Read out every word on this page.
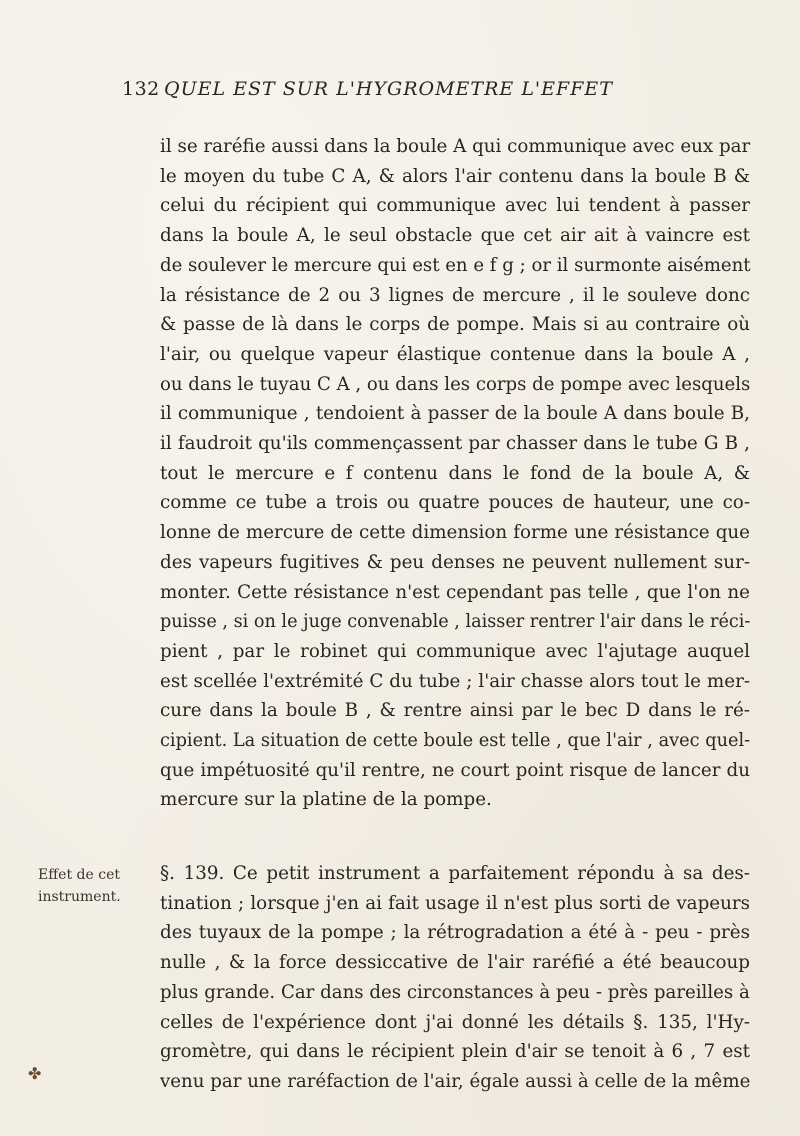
132 QUEL EST SUR L'HYGROMETRE L'EFFET
il se raréfie aussi dans la boule A qui communique avec eux par
le moyen du tube C A, & alors l'air contenu dans la boule B &
celui du récipient qui communique avec lui tendent à passer
dans la boule A, le seul obstacle que cet air ait à vaincre est
de soulever le mercure qui est en e f g ; or il surmonte aisément
la résistance de 2 ou 3 lignes de mercure , il le souleve donc
& passe de là dans le corps de pompe. Mais si au contraire où
l'air, ou quelque vapeur élastique contenue dans la boule A ,
ou dans le tuyau C A , ou dans les corps de pompe avec lesquels
il communique , tendoient à passer de la boule A dans boule B,
il faudroit qu'ils commençassent par chasser dans le tube G B ,
tout le mercure e f contenu dans le fond de la boule A, &
comme ce tube a trois ou quatre pouces de hauteur, une co-
lonne de mercure de cette dimension forme une résistance que
des vapeurs fugitives & peu denses ne peuvent nullement sur-
monter. Cette résistance n'est cependant pas telle , que l'on ne
puisse , si on le juge convenable , laisser rentrer l'air dans le réci-
pient , par le robinet qui communique avec l'ajutage auquel
est scellée l'extrémité C du tube ; l'air chasse alors tout le mer-
cure dans la boule B , & rentre ainsi par le bec D dans le ré-
cipient. La situation de cette boule est telle , que l'air , avec quel-
que impétuosité qu'il rentre, ne court point risque de lancer du
mercure sur la platine de la pompe.
Effet de cet
instrument.
§. 139. Ce petit instrument a parfaitement répondu à sa des-
tination ; lorsque j'en ai fait usage il n'est plus sorti de vapeurs
des tuyaux de la pompe ; la rétrogradation a été à - peu - près
nulle , & la force dessiccative de l'air raréfié a été beaucoup
plus grande. Car dans des circonstances à peu - près pareilles à
celles de l'expérience dont j'ai donné les détails §. 135, l'Hy-
gromètre, qui dans le récipient plein d'air se tenoit à 6 , 7 est
venu par une raréfaction de l'air, égale aussi à celle de la même
✤
